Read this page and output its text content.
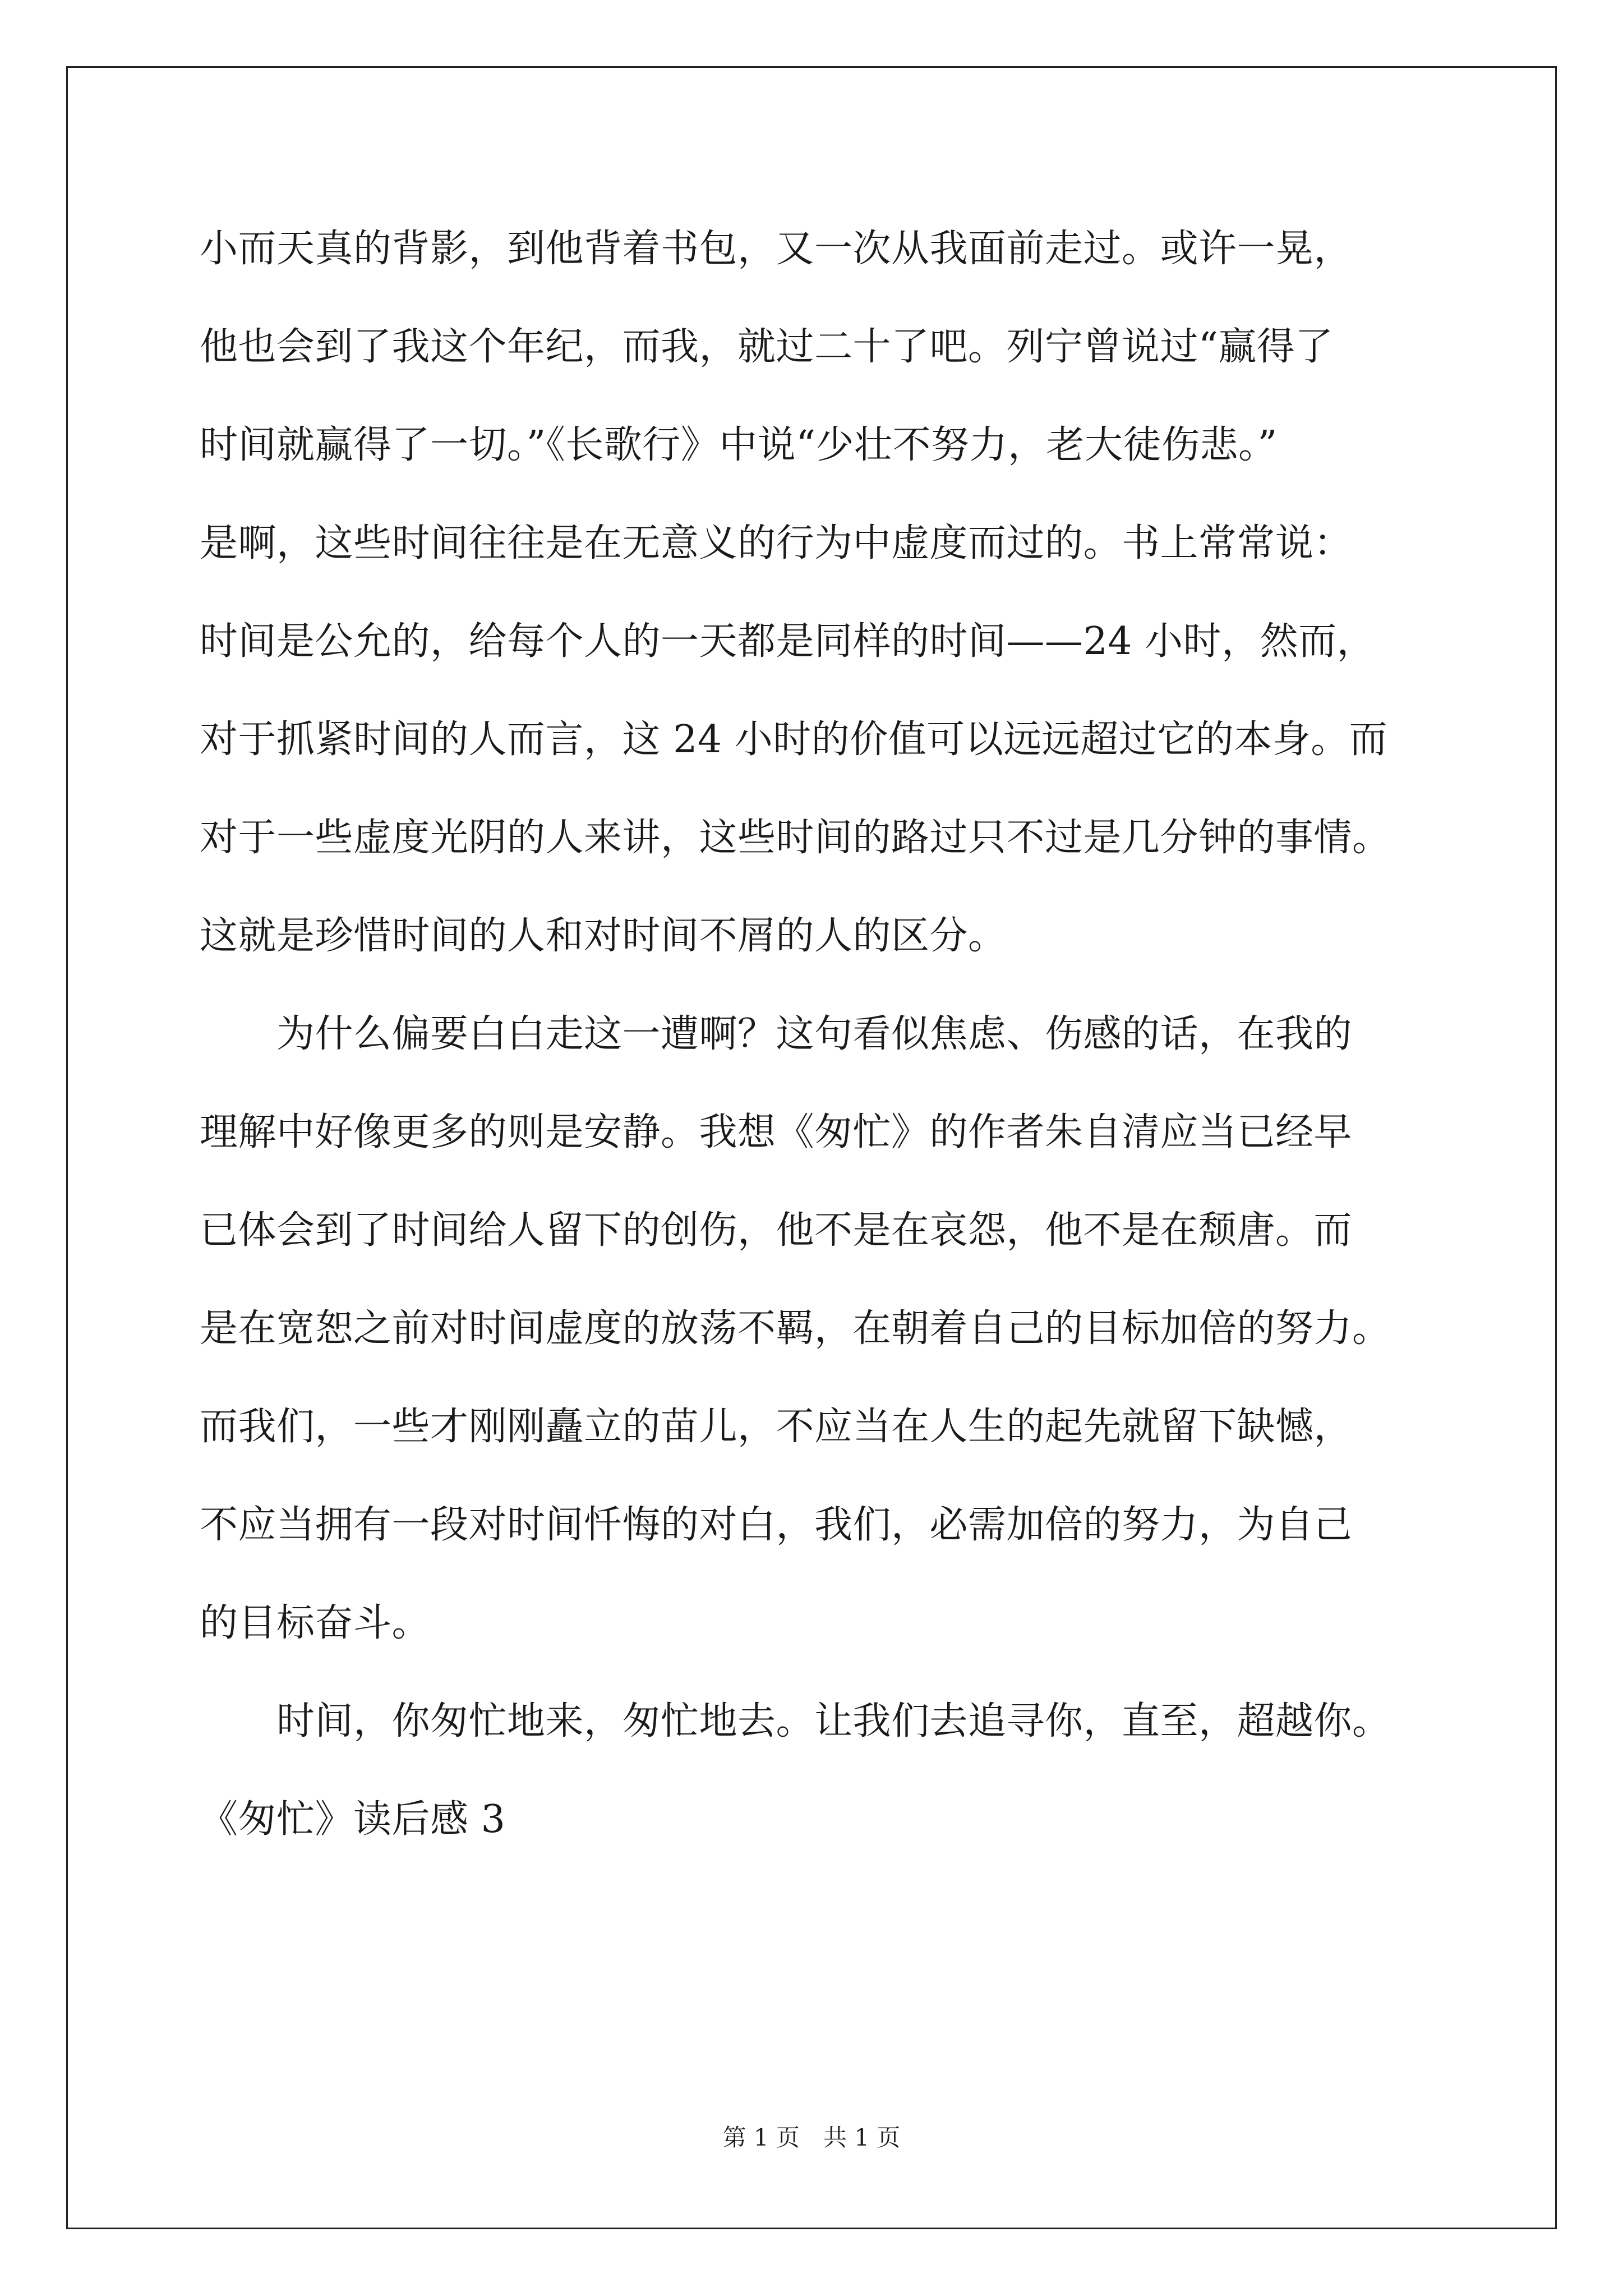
小而天真的背影，到他背着书包，又一次从我面前走过。或许一晃，

他也会到了我这个年纪，而我，就过二十了吧。列宁曾说过“赢得了

时间就赢得了一切。”《长歌行》中说“少壮不努力，老大徒伤悲。”

是啊，这些时间往往是在无意义的行为中虚度而过的。书上常常说：

时间是公允的，给每个人的一天都是同样的时间——24 小时，然而，

对于抓紧时间的人而言，这 24 小时的价值可以远远超过它的本身。而

对于一些虚度光阴的人来讲，这些时间的路过只不过是几分钟的事情。

这就是珍惜时间的人和对时间不屑的人的区分。

　　为什么偏要白白走这一遭啊？这句看似焦虑、伤感的话，在我的

理解中好像更多的则是安静。我想《匆忙》的作者朱自清应当已经早

已体会到了时间给人留下的创伤，他不是在哀怨，他不是在颓唐。而

是在宽恕之前对时间虚度的放荡不羁，在朝着自己的目标加倍的努力。

而我们，一些才刚刚矗立的苗儿，不应当在人生的起先就留下缺憾，

不应当拥有一段对时间忏悔的对白，我们，必需加倍的努力，为自己

的目标奋斗。

　　时间，你匆忙地来，匆忙地去。让我们去追寻你，直至，超越你。

《匆忙》读后感 3

第 1 页　共 1 页
